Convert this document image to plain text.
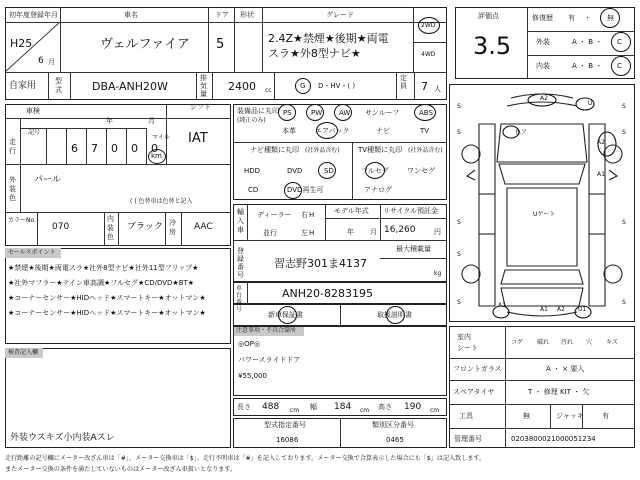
初年度登録年月
H25
6 月
車名
ヴェルファイア
ドア
5
形状	グレード
2.4Z★禁煙★後期★両電
スラ★外8型ナビ★
2WD
4WD
自家用	型
式	DBA-ANH20W
排気量
2400 cc
G D・HV・( )
定員 7 人
評価点
3.5
修復歴 有 ・ 無
外装	A ・ B ・ C
内装	A ・ B ・ C
車検
年	月
シフト
IAT
走行
記号
6 7 0 0 0
マイル
km
外装色
パール
( ) 色替車は色替と記入
カラーNo.
070
内装色
ブラック 冷房 AAC
セールスポイント
★禁煙★後期★両電スラ★社外8型ナビ★社外11型フリップ★
★社外マフラー★テイン車高調★フルセグ★CD/DVD★BT★
★コーナーセンサー★HIDヘッド★スマートキー★オットマン★
★コーナーセンサー★HIDヘッド★スマートキー★オットマン★
検査記入欄
外装ウスキズ小内装Aスレ
装備品に丸印
(純正のみ)
PS	PW AW サンルーフ	ABS
本革	エアバック	ナビ	TV
ナビ種類に丸印 (社外品含む)
HDD	DVD	SD
CD	DVD再生可
TV種類に丸印 (社外品含む)
フルセグ	ワンセグ
アナログ
輸入車
ディーラー
並行
右 H
左 H
モデル年式
年 月
リサイクル預託金
16,260	円
最大積載量
kg
登録番号
習志野301ま4137
車台番号
ANH20-8283195
新車保証書	取扱説明書
注意事項・不具合箇所
◎OP◎
パワースライドドア
¥55,000
長さ 488 cm 幅 184 cm 高さ 190 cm
型式指定番号
16086
類別区分番号
0465
A2
U
色ア
A1
A2
Uゲート
A1 A2 U1
A1
S
S
S
S
S
S
S
S
S
室内
シート
コゲ 破れ 汚れ 穴 キズ
フロントガラス	A ・ × 要入
スペアタイヤ	T ・ 修理 KIT ・ 欠
工具	無	ジャッキ	有
管理番号	0203800021000051234
走行距離の記号欄にメーター改ざん車は「#」、メーター交換車は「$」、走行不明車は「#」を記入しております。メーター交換で合算表示した場合にも「$」は記入致します。
またメーター交換の条件を満たしていないものはメーター改ざん車扱いとなります。
